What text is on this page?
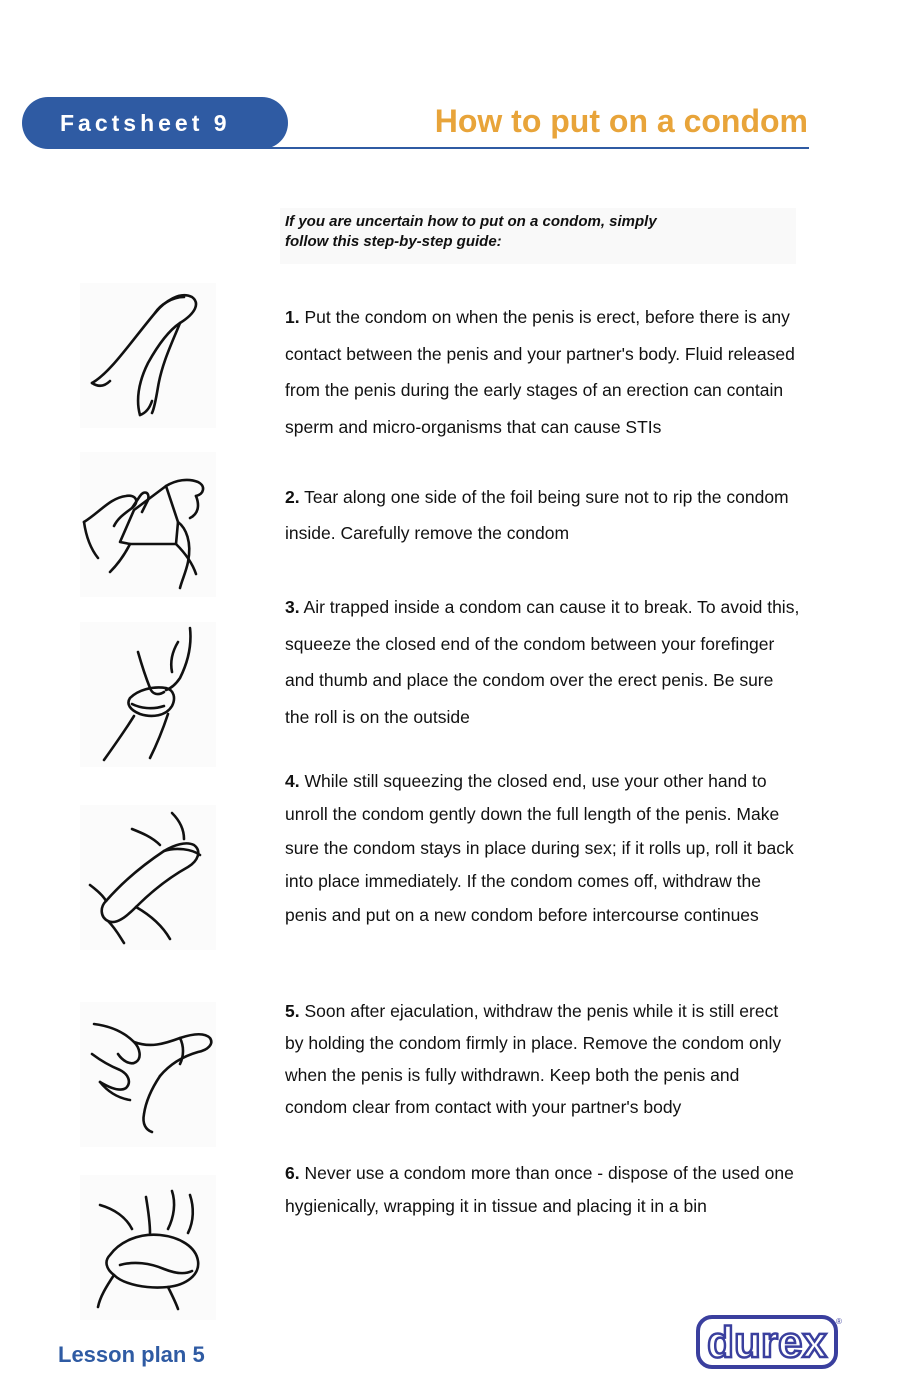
Factsheet 9	How to put on a condom
If you are uncertain how to put on a condom, simply
follow this step-by-step guide:
1. Put the condom on when the penis is erect, before there is any contact between the penis and your partner's body. Fluid released from the penis during the early stages of an erection can contain sperm and micro-organisms that can cause STIs
2. Tear along one side of the foil being sure not to rip the condom inside. Carefully remove the condom
3. Air trapped inside a condom can cause it to break. To avoid this, squeeze the closed end of the condom between your forefinger and thumb and place the condom over the erect penis. Be sure the roll is on the outside
4. While still squeezing the closed end, use your other hand to unroll the condom gently down the full length of the penis. Make sure the condom stays in place during sex; if it rolls up, roll it back into place immediately. If the condom comes off, withdraw the penis and put on a new condom before intercourse continues
5. Soon after ejaculation, withdraw the penis while it is still erect by holding the condom firmly in place. Remove the condom only when the penis is fully withdrawn. Keep both the penis and condom clear from contact with your partner's body
6. Never use a condom more than once - dispose of the used one hygienically, wrapping it in tissue and placing it in a bin
Lesson plan 5	durex ®
